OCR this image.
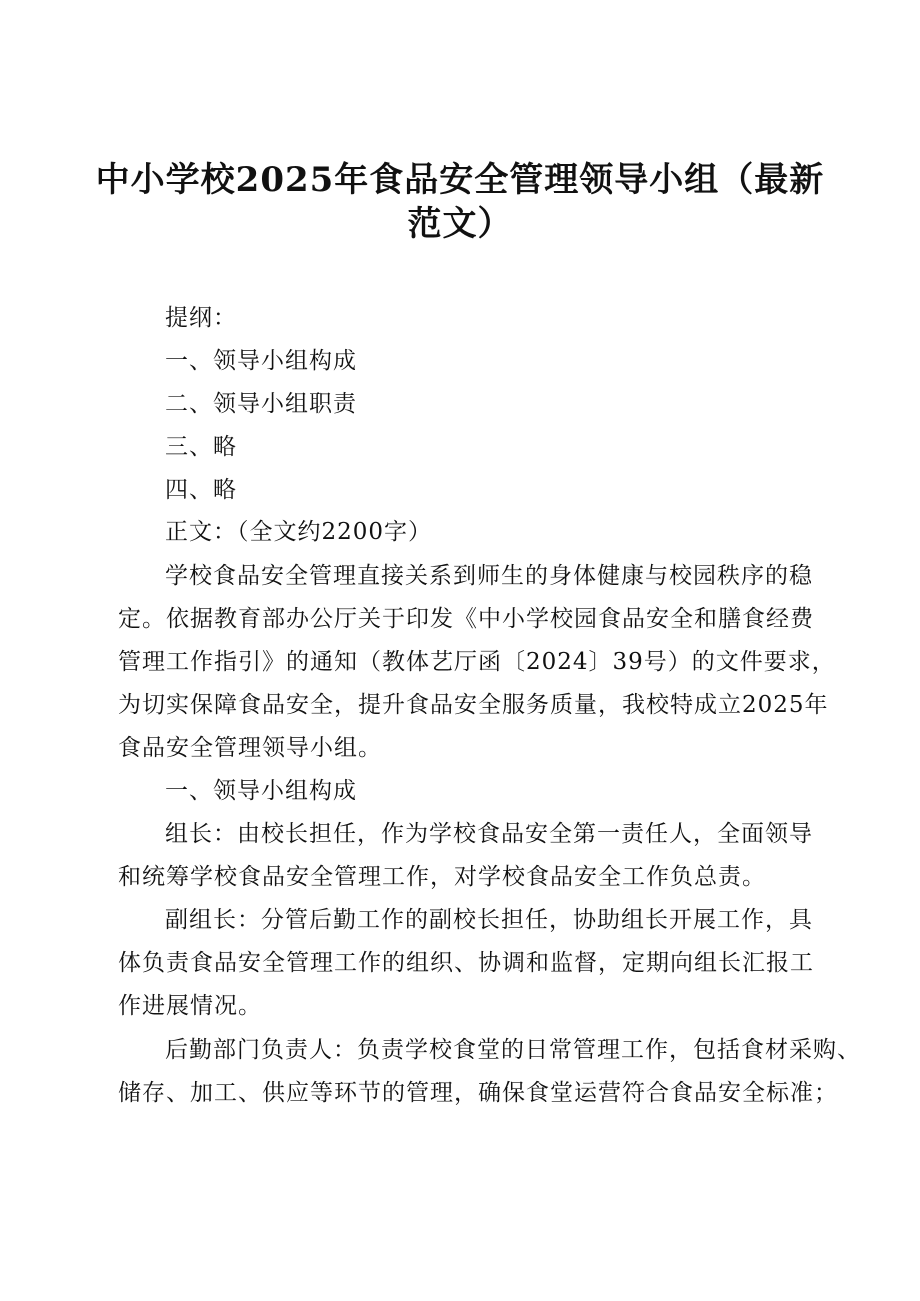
中小学校2025年食品安全管理领导小组（最新
范文）
提纲：
一、领导小组构成
二、领导小组职责
三、略
四、略
正文：（全文约2200字）
学校食品安全管理直接关系到师生的身体健康与校园秩序的稳
定。依据教育部办公厅关于印发《中小学校园食品安全和膳食经费
管理工作指引》的通知（教体艺厅函〔2024〕39号）的文件要求，
为切实保障食品安全，提升食品安全服务质量，我校特成立2025年
食品安全管理领导小组。
一、领导小组构成
组长：由校长担任，作为学校食品安全第一责任人，全面领导
和统筹学校食品安全管理工作，对学校食品安全工作负总责。
副组长：分管后勤工作的副校长担任，协助组长开展工作，具
体负责食品安全管理工作的组织、协调和监督，定期向组长汇报工
作进展情况。
后勤部门负责人：负责学校食堂的日常管理工作，包括食材采购、
储存、加工、供应等环节的管理，确保食堂运营符合食品安全标准；
